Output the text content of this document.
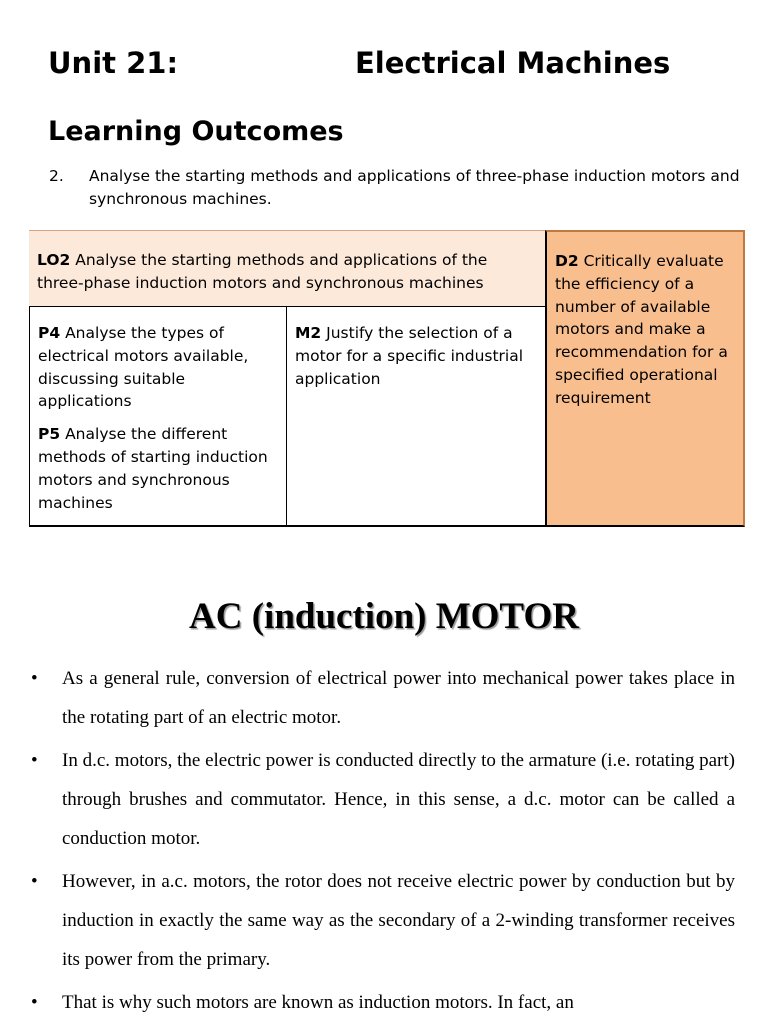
Unit 21:	Electrical Machines
Learning Outcomes
2. Analyse the starting methods and applications of three-phase induction motors and synchronous machines.
LO2 Analyse the starting methods and applications of the three-phase induction motors and synchronous machines
P4 Analyse the types of electrical motors available, discussing suitable applications
P5 Analyse the different methods of starting induction motors and synchronous machines
M2 Justify the selection of a motor for a specific industrial application
D2 Critically evaluate the efficiency of a number of available motors and make a recommendation for a specified operational requirement
AC (induction) MOTOR
• As a general rule, conversion of electrical power into mechanical power takes place in the rotating part of an electric motor.
• In d.c. motors, the electric power is conducted directly to the armature (i.e. rotating part) through brushes and commutator. Hence, in this sense, a d.c. motor can be called a conduction motor.
• However, in a.c. motors, the rotor does not receive electric power by conduction but by induction in exactly the same way as the secondary of a 2-winding transformer receives its power from the primary.
• That is why such motors are known as induction motors. In fact, an
